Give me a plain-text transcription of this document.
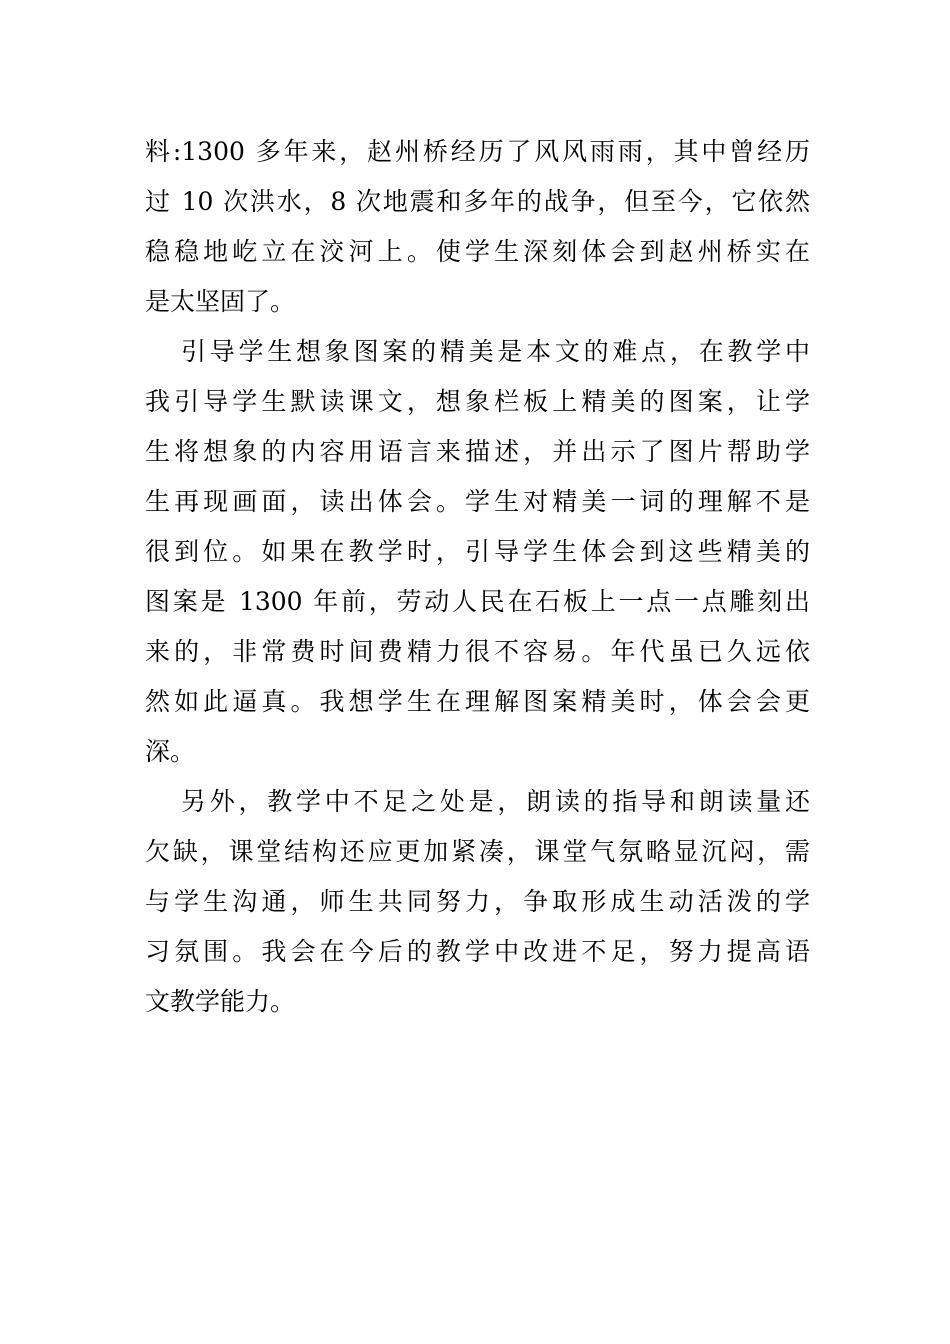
料:1300 多年来，赵州桥经历了风风雨雨，其中曾经历
过 10 次洪水，8 次地震和多年的战争，但至今，它依然
稳稳地屹立在洨河上。使学生深刻体会到赵州桥实在
是太坚固了。
引导学生想象图案的精美是本文的难点，在教学中
我引导学生默读课文，想象栏板上精美的图案，让学
生将想象的内容用语言来描述，并出示了图片帮助学
生再现画面，读出体会。学生对精美一词的理解不是
很到位。如果在教学时，引导学生体会到这些精美的
图案是 1300 年前，劳动人民在石板上一点一点雕刻出
来的，非常费时间费精力很不容易。年代虽已久远依
然如此逼真。我想学生在理解图案精美时，体会会更
深。
另外，教学中不足之处是，朗读的指导和朗读量还
欠缺，课堂结构还应更加紧凑，课堂气氛略显沉闷，需
与学生沟通，师生共同努力，争取形成生动活泼的学
习氛围。我会在今后的教学中改进不足，努力提高语
文教学能力。
